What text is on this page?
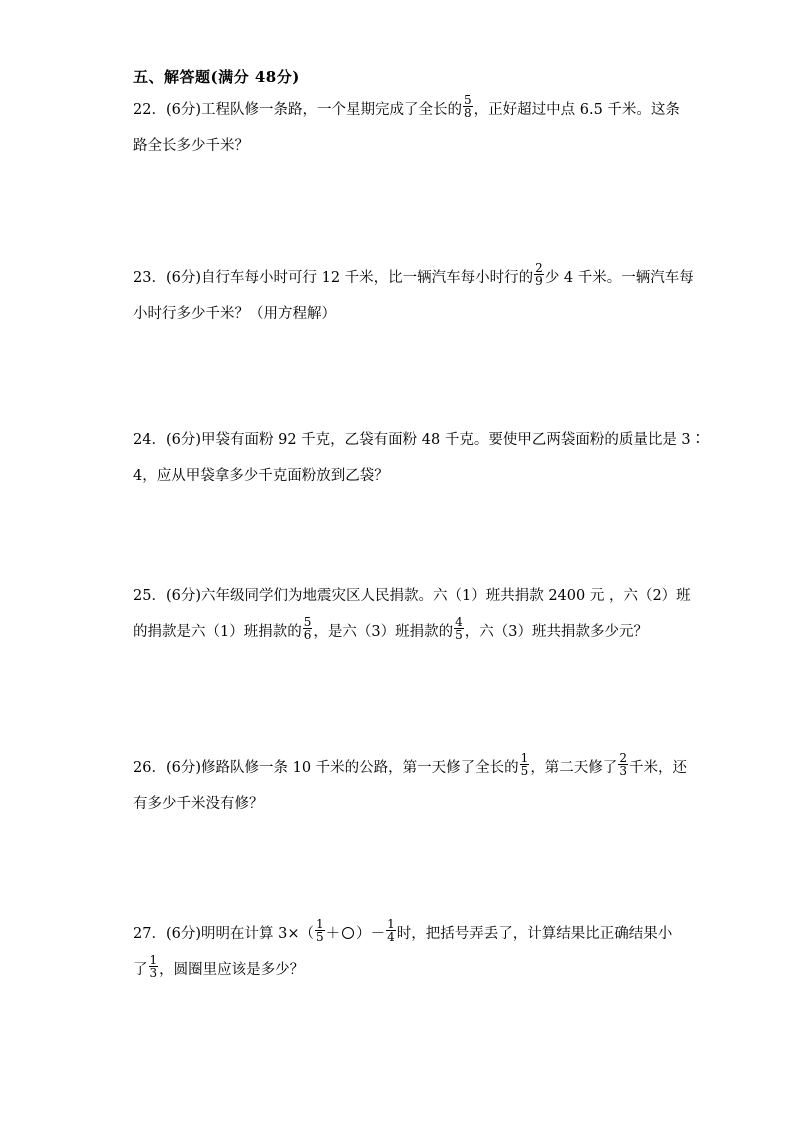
五、解答题(满分 48分)
22．(6分)工程队修一条路，一个星期完成了全长的 $\frac{5}{8}$ ，正好超过中点 6.5 千米。这条
路全长多少千米？
23．(6分)自行车每小时可行 12 千米，比一辆汽车每小时行的 $\frac{2}{9}$ 少 4 千米。一辆汽车每
小时行多少千米？（用方程解）
24．(6分)甲袋有面粉 92 千克，乙袋有面粉 48 千克。要使甲乙两袋面粉的质量比是 3∶
4，应从甲袋拿多少千克面粉放到乙袋？
25．(6分)六年级同学们为地震灾区人民捐款。六（1）班共捐款 2400 元 ，六（2）班
的捐款是六（1）班捐款的 $\frac{5}{6}$ ，是六（3）班捐款的 $\frac{4}{5}$ ，六（3）班共捐款多少元？
26．(6分)修路队修一条 10 千米的公路，第一天修了全长的 $\frac{1}{5}$ ，第二天修了 $\frac{2}{3}$ 千米，还
有多少千米没有修？
27．(6分)明明在计算 $3\times( \frac{1}{5}$ ＋ ）－ $\frac{1}{4}$ 时，把括号弄丢了，计算结果比正确结果小
了 $\frac{1}{3}$ ，圆圈里应该是多少？
